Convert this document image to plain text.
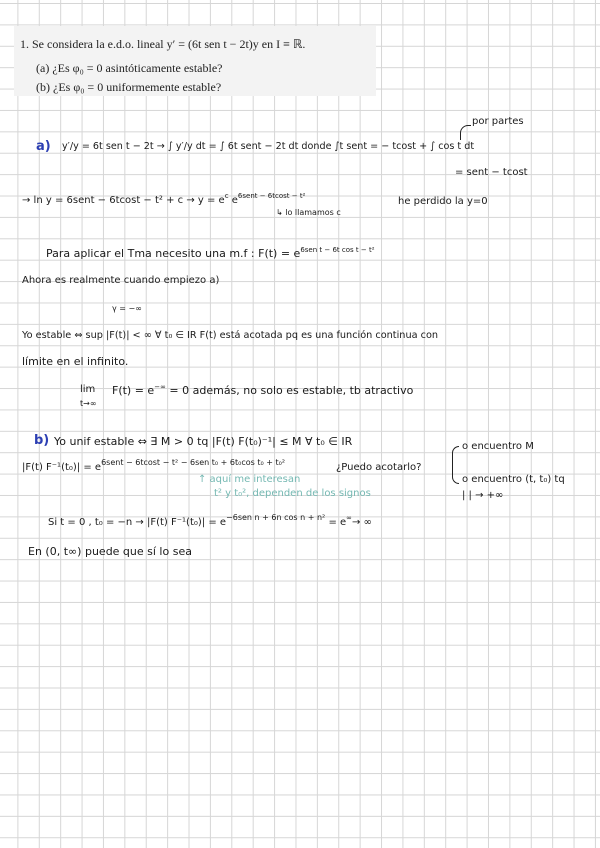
1. Se considera la e.d.o. lineal y′ = (6t sen t − 2t)y en I ≡ ℝ.
(a) ¿Es φ₀ = 0 asintóticamente estable?
(b) ¿Es φ₀ = 0 uniformemente estable?
por partes
a) y′/y = 6t sen t − 2t → ∫ y′/y dt = ∫ 6t sent − 2t dt donde ∫t sent = − tcost + ∫ cos t dt
= sent − tcost
→ ln y = 6sent − $6tcost - t^2 + c \to y = e^c$ $e^{6sent - 6tcost - t^2}$
↳ lo llamamos c
he perdido la y=0
Para aplicar el Tma necesito una m.f : $F(t) = e^{6sen t - 6t cos t - t^2}$
Ahora es realmente cuando empiezo a)
γ = −∞
Yo estable ⇔ sup |F(t)| < ∞ ∀ t₀ ∈ IR F(t) está acotada pq es una función continua con
límite en el infinito.
lim
t→∞
F(t) = e−∞ = 0 además, no solo es estable, tb atractivo
b) Yo unif estable ⇔ ∃ M > 0 tq |F(t) F(t₀)⁻¹| ≤ M ∀ t₀ ∈ IR	o encuentro M
o encuentro (t, t₀) tq
| | → +∞
|F(t) $F^{-1}(t_0)| = e^{6sent - 6tcost - t^2 - 6sen t_0 + 6t_0cos t_0 + t_0^2}$	¿Puedo acotarlo?
↑ aquí me interesan
t² y t₀², dependen de los signos
Si t = 0 , t₀ = −n → |F(t) $F^{-1}(t_0)| = e^{-6sen n + 6n cos n + n^2} = e^\infty\to$ ∞
En (0, t∞) puede que sí lo sea
